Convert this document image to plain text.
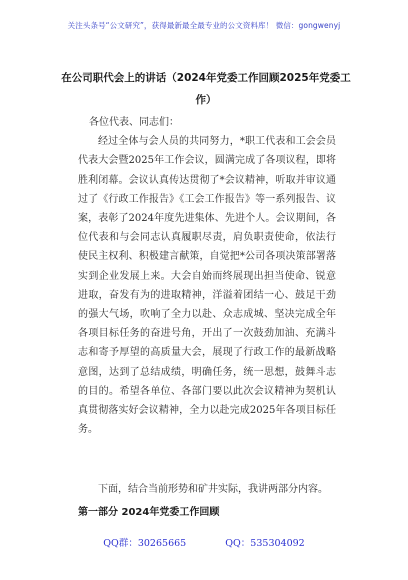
关注头条号“公文研究”，获得最新最全最专业的公文资料库！ 微信：gongwenyj
在公司职代会上的讲话（2024年党委工作回顾2025年党委工作）

各位代表、同志们：

经过全体与会人员的共同努力，*职工代表和工会会员代表大会暨2025年工作会议，圆满完成了各项议程，即将胜利闭幕。会议认真传达贯彻了*会议精神，听取并审议通过了《行政工作报告》《工会工作报告》等一系列报告、议案，表彰了2024年度先进集体、先进个人。会议期间，各位代表和与会同志认真履职尽责，肩负职责使命，依法行使民主权利、积极建言献策，自觉把*公司各项决策部署落实到企业发展上来。大会自始而终展现出担当使命、锐意进取，奋发有为的进取精神，洋溢着团结一心、鼓足干劲的强大气场，吹响了全力以赴、众志成城、坚决完成全年各项目标任务的奋进号角，开出了一次鼓劲加油、充满斗志和寄予厚望的高质量大会，展现了行政工作的最新战略意图，达到了总结成绩，明确任务，统一思想，鼓舞斗志的目的。希望各单位、各部门要以此次会议精神为契机认真贯彻落实好会议精神，全力以赴完成2025年各项目标任务。

下面，结合当前形势和矿井实际，我讲两部分内容。

第一部分 2024年党委工作回顾
QQ群：30265665	QQ：535304092
